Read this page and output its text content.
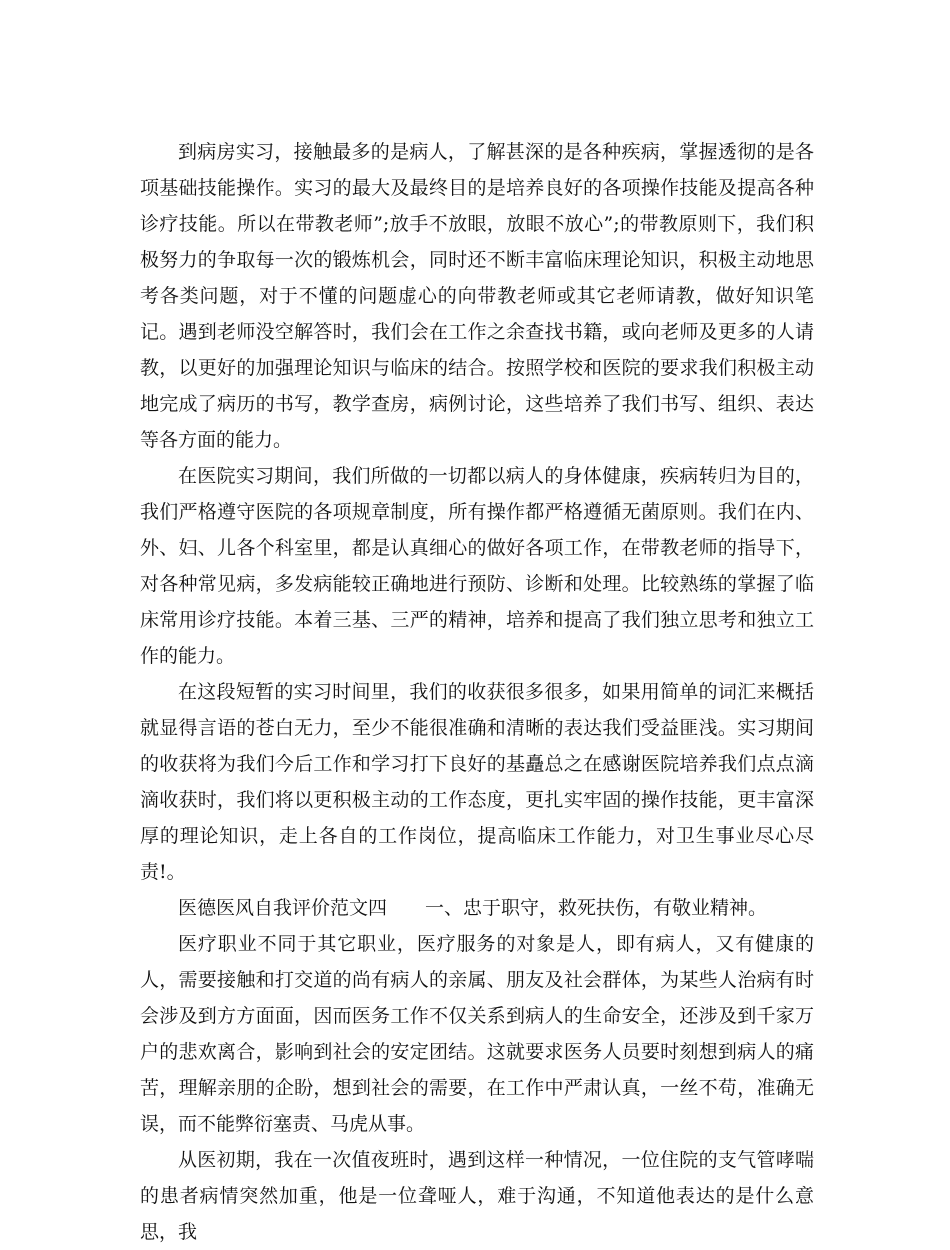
到病房实习，接触最多的是病人，了解甚深的是各种疾病，掌握透彻的是各项基础技能操作。实习的最大及最终目的是培养良好的各项操作技能及提高各种诊疗技能。所以在带教老师”;放手不放眼，放眼不放心”;的带教原则下，我们积极努力的争取每一次的锻炼机会，同时还不断丰富临床理论知识，积极主动地思考各类问题，对于不懂的问题虚心的向带教老师或其它老师请教，做好知识笔记。遇到老师没空解答时，我们会在工作之余查找书籍，或向老师及更多的人请教，以更好的加强理论知识与临床的结合。按照学校和医院的要求我们积极主动地完成了病历的书写，教学查房，病例讨论，这些培养了我们书写、组织、表达等各方面的能力。

在医院实习期间，我们所做的一切都以病人的身体健康，疾病转归为目的，我们严格遵守医院的各项规章制度，所有操作都严格遵循无菌原则。我们在内、外、妇、儿各个科室里，都是认真细心的做好各项工作，在带教老师的指导下，对各种常见病，多发病能较正确地进行预防、诊断和处理。比较熟练的掌握了临床常用诊疗技能。本着三基、三严的精神，培养和提高了我们独立思考和独立工作的能力。

在这段短暂的实习时间里，我们的收获很多很多，如果用简单的词汇来概括就显得言语的苍白无力，至少不能很准确和清晰的表达我们受益匪浅。实习期间的收获将为我们今后工作和学习打下良好的基矗总之在感谢医院培养我们点点滴滴收获时，我们将以更积极主动的工作态度，更扎实牢固的操作技能，更丰富深厚的理论知识，走上各自的工作岗位，提高临床工作能力，对卫生事业尽心尽责!。

医德医风自我评价范文四　　一、忠于职守，救死扶伤，有敬业精神。

医疗职业不同于其它职业，医疗服务的对象是人，即有病人，又有健康的人，需要接触和打交道的尚有病人的亲属、朋友及社会群体，为某些人治病有时会涉及到方方面面，因而医务工作不仅关系到病人的生命安全，还涉及到千家万户的悲欢离合，影响到社会的安定团结。这就要求医务人员要时刻想到病人的痛苦，理解亲朋的企盼，想到社会的需要，在工作中严肃认真，一丝不苟，准确无误，而不能弊衍塞责、马虎从事。

从医初期，我在一次值夜班时，遇到这样一种情况，一位住院的支气管哮喘的患者病情突然加重，他是一位聋哑人，难于沟通，不知道他表达的是什么意思，我
